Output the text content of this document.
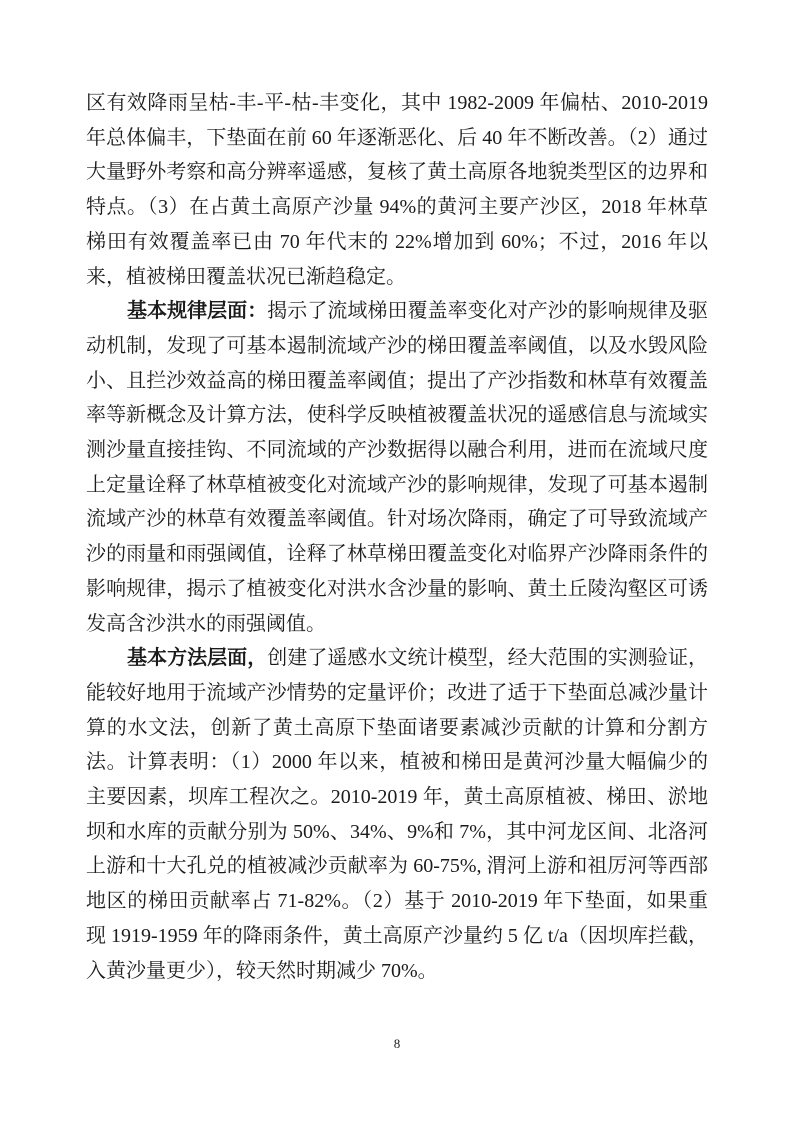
区有效降雨呈枯-丰-平-枯-丰变化，其中 1982-2009 年偏枯、2010-2019 年总体偏丰，下垫面在前 60 年逐渐恶化、后 40 年不断改善。（2）通过大量野外考察和高分辨率遥感，复核了黄土高原各地貌类型区的边界和特点。（3）在占黄土高原产沙量 94%的黄河主要产沙区，2018 年林草梯田有效覆盖率已由 70 年代末的 22%增加到 60%；不过，2016 年以来，植被梯田覆盖状况已渐趋稳定。

基本规律层面：揭示了流域梯田覆盖率变化对产沙的影响规律及驱动机制，发现了可基本遏制流域产沙的梯田覆盖率阈值，以及水毁风险小、且拦沙效益高的梯田覆盖率阈值；提出了产沙指数和林草有效覆盖率等新概念及计算方法，使科学反映植被覆盖状况的遥感信息与流域实测沙量直接挂钩、不同流域的产沙数据得以融合利用，进而在流域尺度上定量诠释了林草植被变化对流域产沙的影响规律，发现了可基本遏制流域产沙的林草有效覆盖率阈值。针对场次降雨，确定了可导致流域产沙的雨量和雨强阈值，诠释了林草梯田覆盖变化对临界产沙降雨条件的影响规律，揭示了植被变化对洪水含沙量的影响、黄土丘陵沟壑区可诱发高含沙洪水的雨强阈值。

基本方法层面，创建了遥感水文统计模型，经大范围的实测验证，能较好地用于流域产沙情势的定量评价；改进了适于下垫面总减沙量计算的水文法，创新了黄土高原下垫面诸要素减沙贡献的计算和分割方法。计算表明：（1）2000 年以来，植被和梯田是黄河沙量大幅偏少的主要因素，坝库工程次之。2010-2019 年，黄土高原植被、梯田、淤地坝和水库的贡献分别为 50%、34%、9%和 7%，其中河龙区间、北洛河上游和十大孔兑的植被减沙贡献率为 60-75%, 渭河上游和祖厉河等西部地区的梯田贡献率占 71-82%。（2）基于 2010-2019 年下垫面，如果重现 1919-1959 年的降雨条件，黄土高原产沙量约 5 亿 t/a（因坝库拦截，入黄沙量更少），较天然时期减少 70%。

8
